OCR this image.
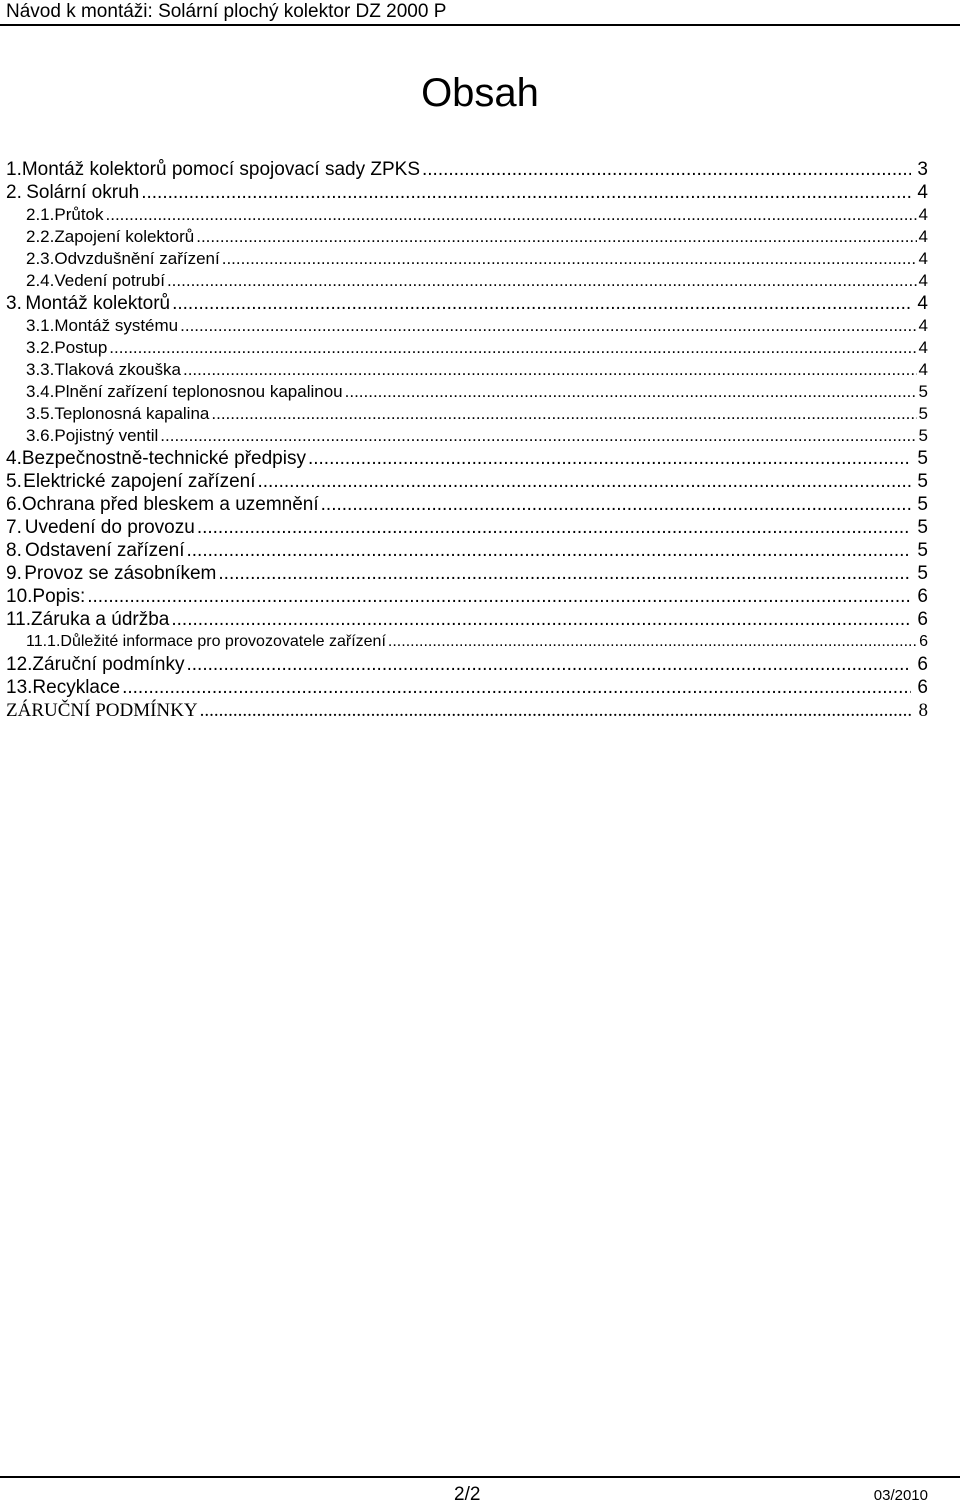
Návod k montáži: Solární plochý kolektor DZ 2000 P
Obsah
1. Montáž kolektorů pomocí spojovací sady ZPKS .....	3
2. Solární okruh .....	4
2.1. Průtok .....	4
2.2. Zapojení kolektorů .....	4
2.3. Odvzdušnění zařízení .....	4
2.4. Vedení potrubí .....	4
3. Montáž kolektorů .....	4
3.1. Montáž systému .....	4
3.2. Postup .....	4
3.3. Tlaková zkouška .....	4
3.4. Plnění zařízení teplonosnou kapalinou .....	5
3.5. Teplonosná kapalina .....	5
3.6. Pojistný ventil .....	5
4. Bezpečnostně-technické předpisy .....	5
5. Elektrické zapojení zařízení .....	5
6. Ochrana před bleskem a uzemnění .....	5
7. Uvedení do provozu .....	5
8. Odstavení zařízení .....	5
9. Provoz se zásobníkem .....	5
10. Popis: .....	6
11. Záruka a údržba .....	6
11.1. Důležité informace pro provozovatele zařízení .....	6
12. Záruční podmínky .....	6
13. Recyklace .....	6
ZÁRUČNÍ PODMÍNKY .....	8
2/2	03/2010
